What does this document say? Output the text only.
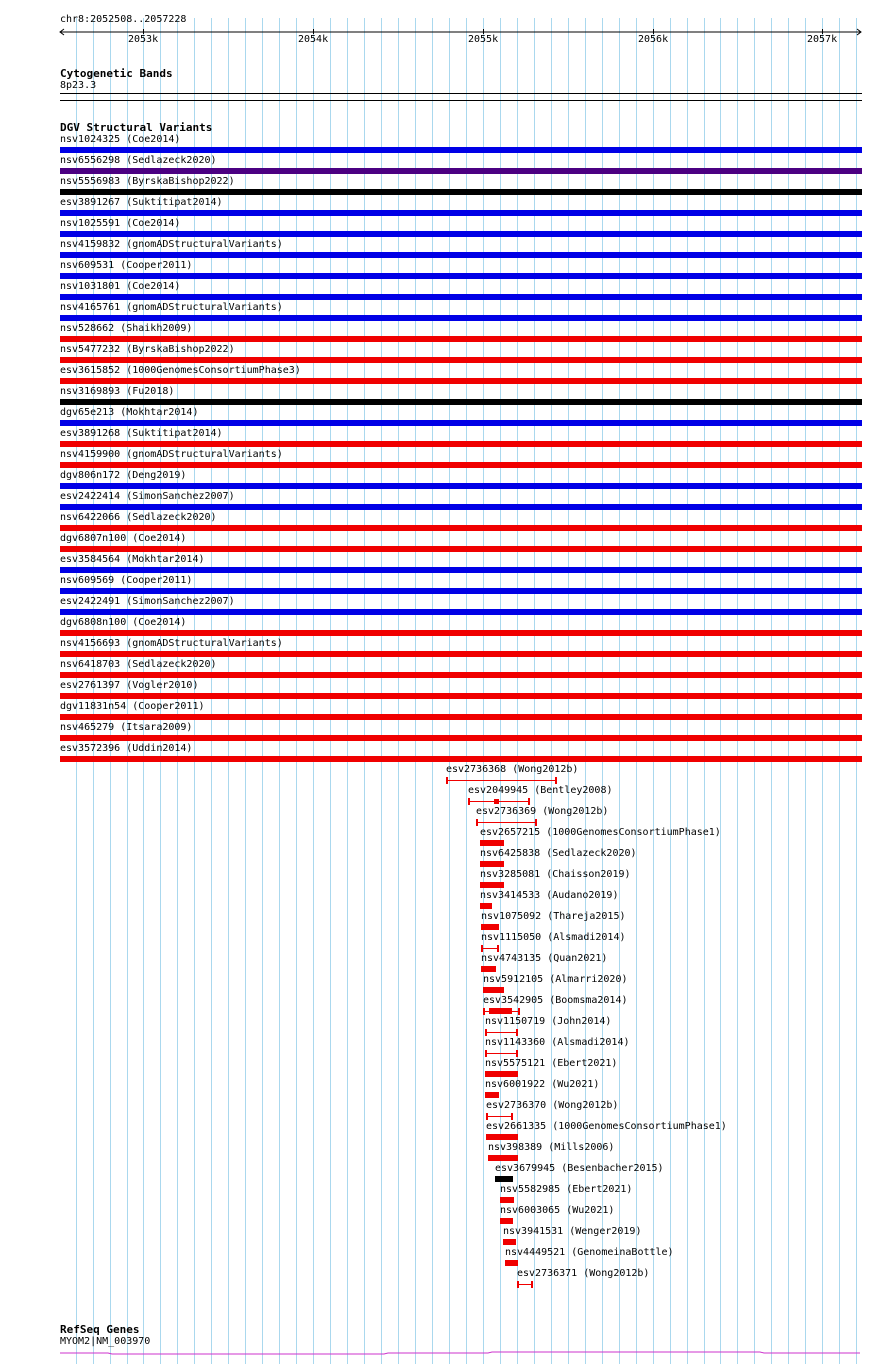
chr8:2052508..2057228
2053k	2054k	2055k	2056k	2057k
Cytogenetic Bands
8p23.3
DGV Structural Variants
nsv1024325 (Coe2014)
nsv6556298 (Sedlazeck2020)
nsv5556983 (ByrskaBishop2022)
esv3891267 (Suktitipat2014)
nsv1025591 (Coe2014)
nsv4159832 (gnomADStructuralVariants)
nsv609531 (Cooper2011)
nsv1031801 (Coe2014)
nsv4165761 (gnomADStructuralVariants)
nsv528662 (Shaikh2009)
nsv5477232 (ByrskaBishop2022)
esv3615852 (1000GenomesConsortiumPhase3)
nsv3169893 (Fu2018)
dgv65e213 (Mokhtar2014)
esv3891268 (Suktitipat2014)
nsv4159900 (gnomADStructuralVariants)
dgv806n172 (Deng2019)
esv2422414 (SimonSanchez2007)
nsv6422066 (Sedlazeck2020)
dgv6807n100 (Coe2014)
esv3584564 (Mokhtar2014)
nsv609569 (Cooper2011)
esv2422491 (SimonSanchez2007)
dgv6808n100 (Coe2014)
nsv4156693 (gnomADStructuralVariants)
nsv6418703 (Sedlazeck2020)
esv2761397 (Vogler2010)
dgv11831n54 (Cooper2011)
nsv465279 (Itsara2009)
esv3572396 (Uddin2014)
esv2736368 (Wong2012b)
esv2049945 (Bentley2008)
esv2736369 (Wong2012b)
esv2657215 (1000GenomesConsortiumPhase1)
nsv6425838 (Sedlazeck2020)
nsv3285081 (Chaisson2019)
nsv3414533 (Audano2019)
nsv1075092 (Thareja2015)
nsv1115050 (Alsmadi2014)
nsv4743135 (Quan2021)
nsv5912105 (Almarri2020)
esv3542905 (Boomsma2014)
nsv1150719 (John2014)
nsv1143360 (Alsmadi2014)
nsv5575121 (Ebert2021)
nsv6001922 (Wu2021)
esv2736370 (Wong2012b)
esv2661335 (1000GenomesConsortiumPhase1)
nsv398389 (Mills2006)
esv3679945 (Besenbacher2015)
nsv5582985 (Ebert2021)
nsv6003065 (Wu2021)
nsv3941531 (Wenger2019)
nsv4449521 (GenomeinaBottle)
esv2736371 (Wong2012b)
RefSeq Genes
MYOM2|NM_003970
